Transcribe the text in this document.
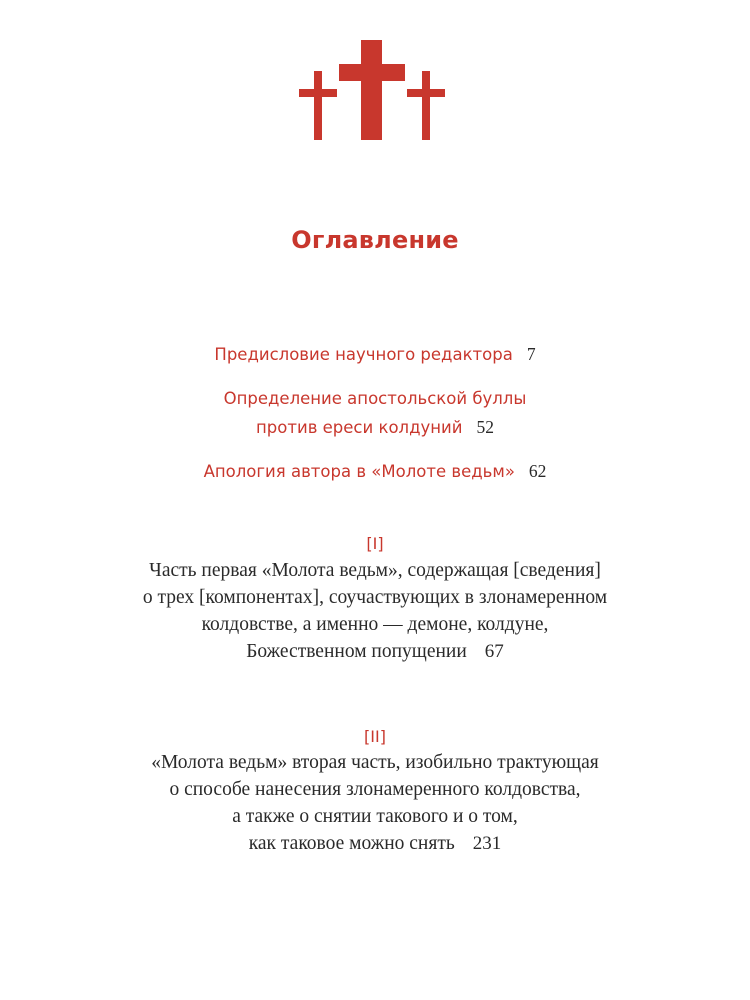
Оглавление
Предисловие научного редактора 7
Определение апостольской буллы
против ереси колдуний 52
Апология автора в «Молоте ведьм» 62
[I]
Часть первая «Молота ведьм», содержащая [сведения]
о трех [компонентах], соучаствующих в злонамеренном
колдовстве, а именно — демоне, колдуне,
Божественном попущении 67
[II]
«Молота ведьм» вторая часть, изобильно трактующая
о способе нанесения злонамеренного колдовства,
а также о снятии такового и о том,
как таковое можно снять 231
